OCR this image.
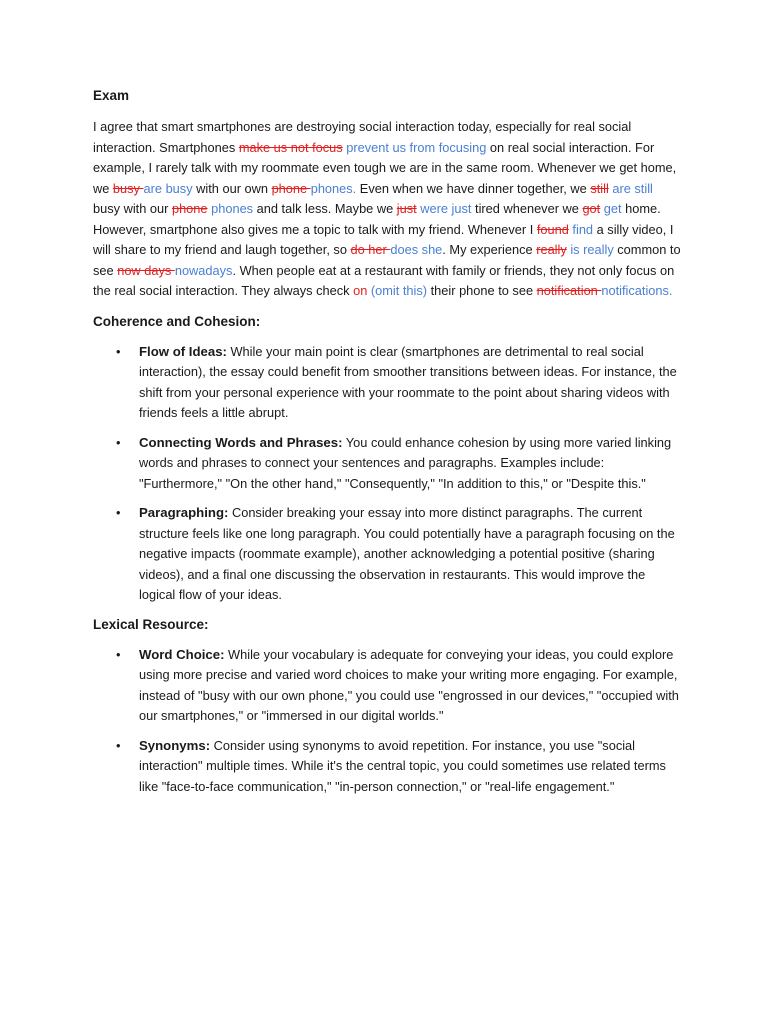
Exam

I agree that smart smartphones are destroying social interaction today, especially for real social interaction. Smartphones make us not focus prevent us from focusing on real social interaction. For example, I rarely talk with my roommate even tough we are in the same room. Whenever we get home, we busy are busy with our own phone phones. Even when we have dinner together, we still are still busy with our phone phones and talk less. Maybe we just were just tired whenever we got get home. However, smartphone also gives me a topic to talk with my friend. Whenever I found find a silly video, I will share to my friend and laugh together, so do her does she. My experience really is really common to see now days nowadays. When people eat at a restaurant with family or friends, they not only focus on the real social interaction. They always check on (omit this) their phone to see notification notifications.

Coherence and Cohesion:
• Flow of Ideas: While your main point is clear (smartphones are detrimental to real social interaction), the essay could benefit from smoother transitions between ideas. For instance, the shift from your personal experience with your roommate to the point about sharing videos with friends feels a little abrupt.
• Connecting Words and Phrases: You could enhance cohesion by using more varied linking words and phrases to connect your sentences and paragraphs. Examples include: "Furthermore," "On the other hand," "Consequently," "In addition to this," or "Despite this."
• Paragraphing: Consider breaking your essay into more distinct paragraphs. The current structure feels like one long paragraph. You could potentially have a paragraph focusing on the negative impacts (roommate example), another acknowledging a potential positive (sharing videos), and a final one discussing the observation in restaurants. This would improve the logical flow of your ideas.
Lexical Resource:
• Word Choice: While your vocabulary is adequate for conveying your ideas, you could explore using more precise and varied word choices to make your writing more engaging. For example, instead of "busy with our own phone," you could use "engrossed in our devices," "occupied with our smartphones," or "immersed in our digital worlds."
• Synonyms: Consider using synonyms to avoid repetition. For instance, you use "social interaction" multiple times. While it's the central topic, you could sometimes use related terms like "face-to-face communication," "in-person connection," or "real-life engagement."
